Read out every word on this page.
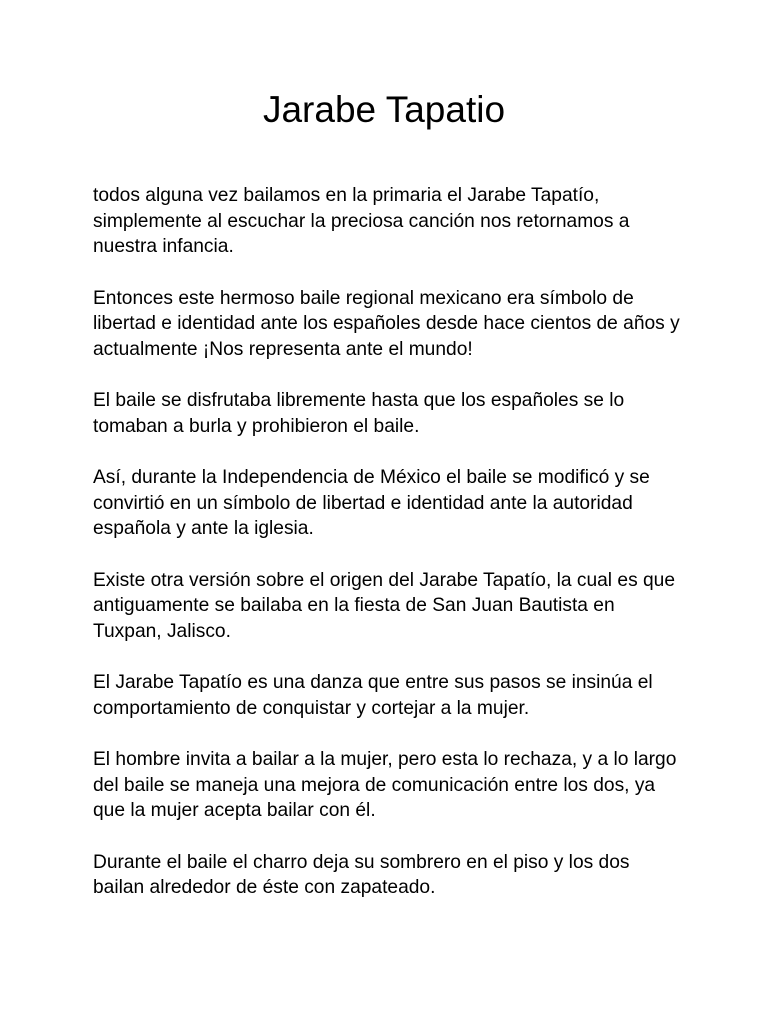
Jarabe Tapatio

todos alguna vez bailamos en la primaria el Jarabe Tapatío, simplemente al escuchar la preciosa canción nos retornamos a nuestra infancia.

Entonces este hermoso baile regional mexicano era símbolo de libertad e identidad ante los españoles desde hace cientos de años y actualmente ¡Nos representa ante el mundo!

El baile se disfrutaba libremente hasta que los españoles se lo tomaban a burla y prohibieron el baile.

Así, durante la Independencia de México el baile se modificó y se convirtió en un símbolo de libertad e identidad ante la autoridad española y ante la iglesia.

Existe otra versión sobre el origen del Jarabe Tapatío, la cual es que antiguamente se bailaba en la fiesta de San Juan Bautista en Tuxpan, Jalisco.

El Jarabe Tapatío es una danza que entre sus pasos se insinúa el comportamiento de conquistar y cortejar a la mujer.

El hombre invita a bailar a la mujer, pero esta lo rechaza, y a lo largo del baile se maneja una mejora de comunicación entre los dos, ya que la mujer acepta bailar con él.

Durante el baile el charro deja su sombrero en el piso y los dos bailan alrededor de éste con zapateado.
